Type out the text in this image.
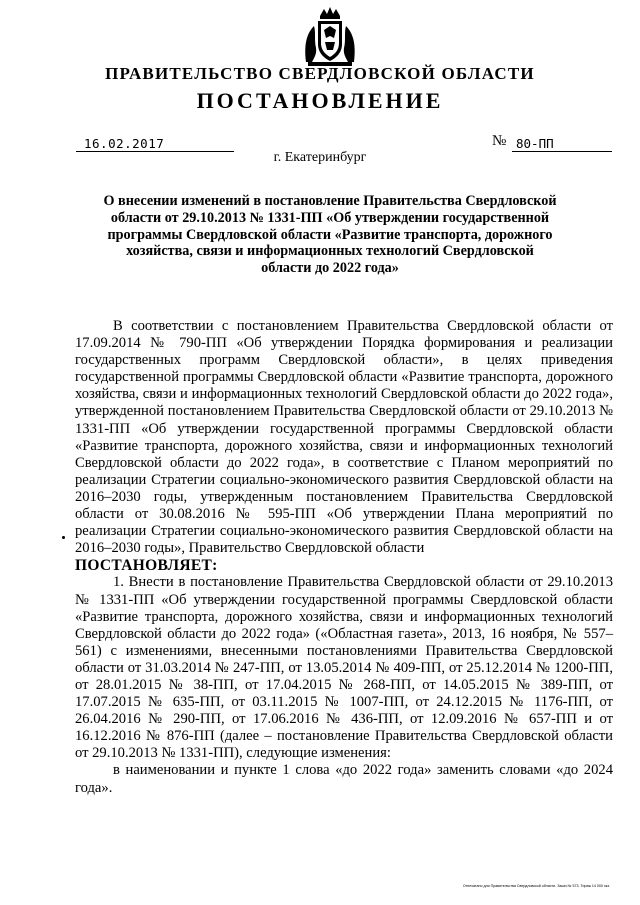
ПРАВИТЕЛЬСТВО СВЕРДЛОВСКОЙ ОБЛАСТИ
ПОСТАНОВЛЕНИЕ
16.02.2017	№ 80-ПП
г. Екатеринбург
О внесении изменений в постановление Правительства Свердловской области от 29.10.2013 № 1331-ПП «Об утверждении государственной программы Свердловской области «Развитие транспорта, дорожного хозяйства, связи и информационных технологий Свердловской области до 2022 года»

В соответствии с постановлением Правительства Свердловской области от 17.09.2014 № 790-ПП «Об утверждении Порядка формирования и реализации государственных программ Свердловской области», в целях приведения государственной программы Свердловской области «Развитие транспорта, дорожного хозяйства, связи и информационных технологий Свердловской области до 2022 года», утвержденной постановлением Правительства Свердловской области от 29.10.2013 № 1331-ПП «Об утверждении государственной программы Свердловской области «Развитие транспорта, дорожного хозяйства, связи и информационных технологий Свердловской области до 2022 года», в соответствие с Планом мероприятий по реализации Стратегии социально-экономического развития Свердловской области на 2016–2030 годы, утвержденным постановлением Правительства Свердловской области от 30.08.2016 № 595-ПП «Об утверждении Плана мероприятий по реализации Стратегии социально-экономического развития Свердловской области на 2016–2030 годы», Правительство Свердловской области

ПОСТАНОВЛЯЕТ:

1. Внести в постановление Правительства Свердловской области от 29.10.2013 № 1331-ПП «Об утверждении государственной программы Свердловской области «Развитие транспорта, дорожного хозяйства, связи и информационных технологий Свердловской области до 2022 года» («Областная газета», 2013, 16 ноября, № 557–561) с изменениями, внесенными постановлениями Правительства Свердловской области от 31.03.2014 № 247-ПП, от 13.05.2014 № 409-ПП, от 25.12.2014 № 1200-ПП, от 28.01.2015 № 38-ПП, от 17.04.2015 № 268-ПП, от 14.05.2015 № 389-ПП, от 17.07.2015 № 635-ПП, от 03.11.2015 № 1007-ПП, от 24.12.2015 № 1176-ПП, от 26.04.2016 № 290-ПП, от 17.06.2016 № 436-ПП, от 12.09.2016 № 657-ПП и от 16.12.2016 № 876-ПП (далее – постановление Правительства Свердловской области от 29.10.2013 № 1331-ПП), следующие изменения:

в наименовании и пункте 1 слова «до 2022 года» заменить словами «до 2024 года».

Отпечатано для Правительства Свердловской области. Заказ № 573. Тираж 14 000 экз.
